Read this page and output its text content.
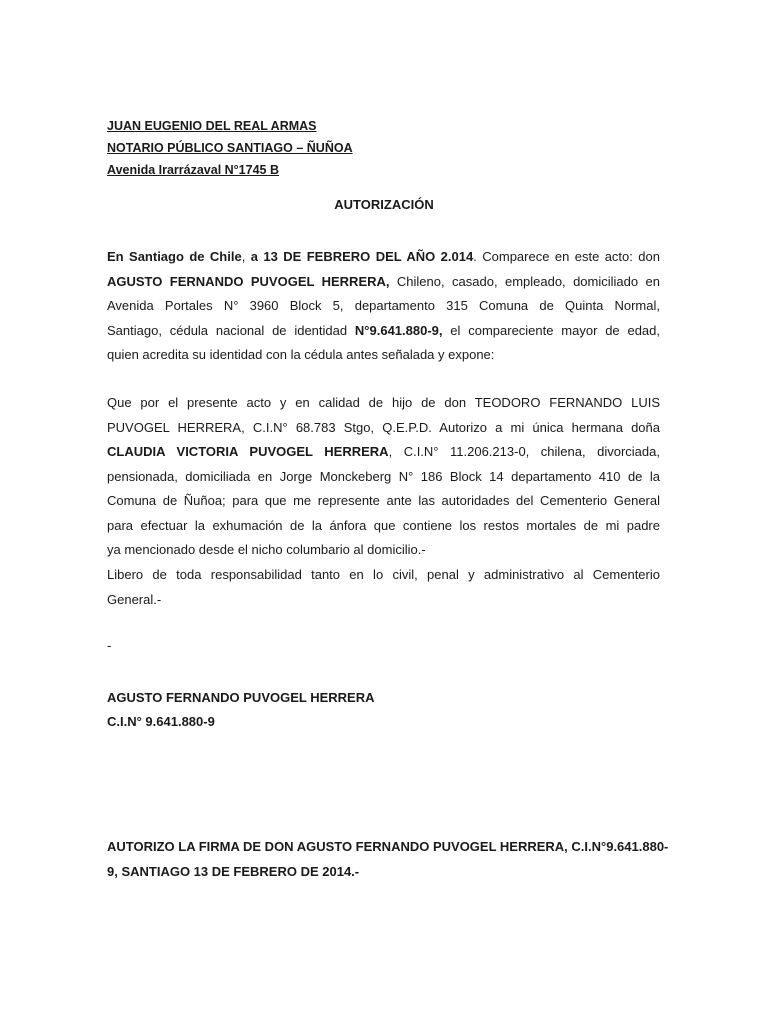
JUAN EUGENIO DEL REAL ARMAS
NOTARIO PÚBLICO SANTIAGO – ÑUÑOA
Avenida Irarrázaval N°1745 B
AUTORIZACIÓN
En Santiago de Chile, a 13 DE FEBRERO DEL AÑO 2.014. Comparece en este acto: don
AGUSTO FERNANDO PUVOGEL HERRERA, Chileno, casado, empleado, domiciliado en
Avenida Portales N° 3960 Block 5, departamento 315 Comuna de Quinta Normal,
Santiago, cédula nacional de identidad N°9.641.880-9, el compareciente mayor de edad,
quien acredita su identidad con la cédula antes señalada y expone:
Que por el presente acto y en calidad de hijo de don TEODORO FERNANDO LUIS
PUVOGEL HERRERA, C.I.N° 68.783 Stgo, Q.E.P.D. Autorizo a mi única hermana doña
CLAUDIA VICTORIA PUVOGEL HERRERA, C.I.N° 11.206.213-0, chilena, divorciada,
pensionada, domiciliada en Jorge Monckeberg N° 186 Block 14 departamento 410 de la
Comuna de Ñuñoa; para que me represente ante las autoridades del Cementerio General
para efectuar la exhumación de la ánfora que contiene los restos mortales de mi padre
ya mencionado desde el nicho columbario al domicilio.-
Libero de toda responsabilidad tanto en lo civil, penal y administrativo al Cementerio
General.-
-
AGUSTO FERNANDO PUVOGEL HERRERA
C.I.N° 9.641.880-9
AUTORIZO LA FIRMA DE DON AGUSTO FERNANDO PUVOGEL HERRERA, C.I.N°9.641.880-
9, SANTIAGO 13 DE FEBRERO DE 2014.-
